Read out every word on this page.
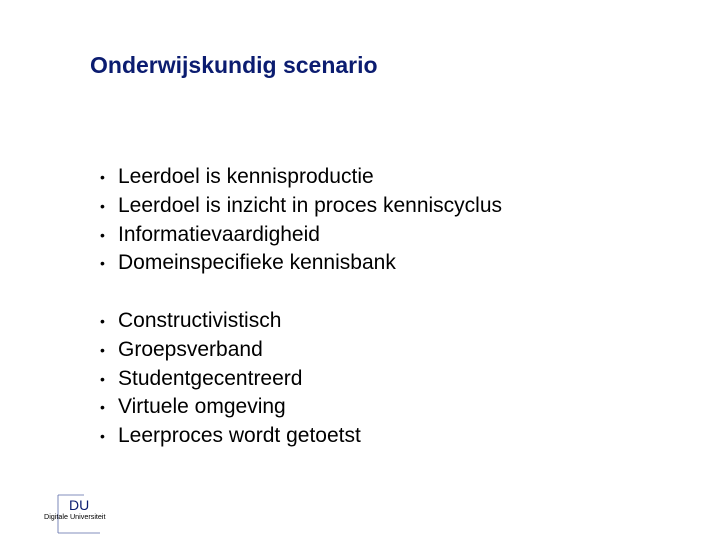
Onderwijskundig scenario
• Leerdoel is kennisproductie
• Leerdoel is inzicht in proces kenniscyclus
• Informatievaardigheid
• Domeinspecifieke kennisbank
• Constructivistisch
• Groepsverband
• Studentgecentreerd
• Virtuele omgeving
• Leerproces wordt getoetst
DU
Digitale Universiteit
